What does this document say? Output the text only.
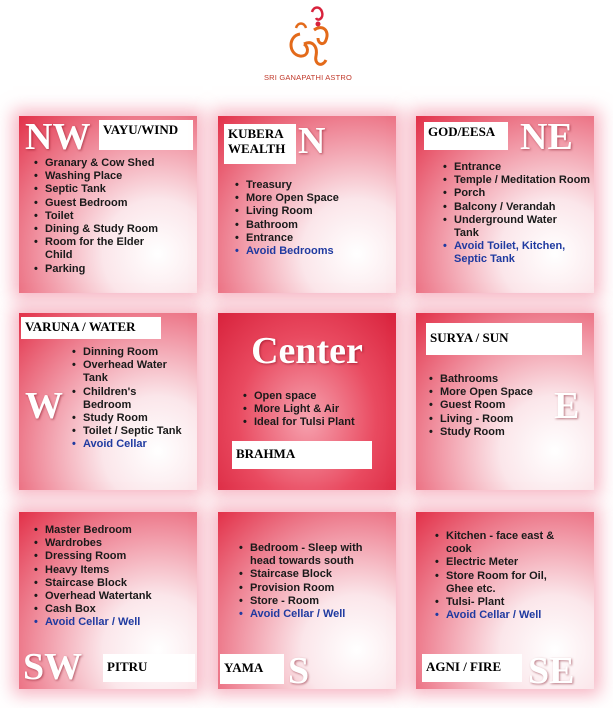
SRI GANAPATHI ASTRO
NW VAYU/WIND
• Granary & Cow Shed
• Washing Place
• Septic Tank
• Guest Bedroom
• Toilet
• Dining & Study Room
• Room for the Elder Child
• Parking
KUBERA WEALTH N
• Treasury
• More Open Space
• Living Room
• Bathroom
• Entrance
• Avoid Bedrooms
GOD/EESA NE
• Entrance
• Temple / Meditation Room
• Porch
• Balcony / Verandah
• Underground Water Tank
• Avoid Toilet, Kitchen, Septic Tank
VARUNA / WATER
W
• Dinning Room
• Overhead Water Tank
• Children's Bedroom
• Study Room
• Toilet / Septic Tank
• Avoid Cellar
Center
• Open space
• More Light & Air
• Ideal for Tulsi Plant
BRAHMA
SURYA / SUN
E
• Bathrooms
• More Open Space
• Guest Room
• Living - Room
• Study Room
• Master Bedroom
• Wardrobes
• Dressing Room
• Heavy Items
• Staircase Block
• Overhead Watertank
• Cash Box
• Avoid Cellar / Well
SW	PITRU
• Bedroom - Sleep with head towards south
• Staircase Block
• Provision Room
• Store - Room
• Avoid Cellar / Well
YAMA S
• Kitchen - face east & cook
• Electric Meter
• Store Room for Oil, Ghee etc.
• Tulsi- Plant
• Avoid Cellar / Well
AGNI / FIRE SE
